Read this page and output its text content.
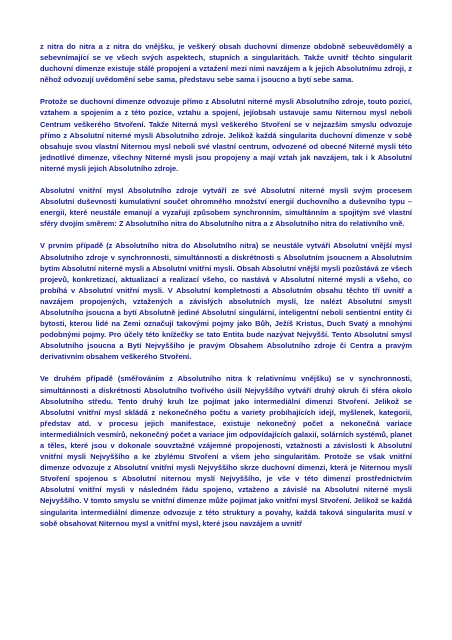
z nitra do nitra a z nitra do vnějšku, je veškerý obsah duchovní dimenze obdobně sebeuvědomělý a sebevnímající se ve všech svých aspektech, stupních a singularitách. Takže uvnitř těchto singularit duchovní dimenze existuje stálé propojení a vztažení mezi nimi navzájem a k jejich Absolutnímu zdroji, z něhož odvozují uvědomění sebe sama, představu sebe sama i jsoucno a bytí sebe sama.

Protože se duchovní dimenze odvozuje přímo z Absolutní niterné mysli Absolutního zdroje, touto pozicí, vztahem a spojením a z této pozice, vztahu a spojení, jejíobsah ustavuje samu Niternou mysl neboli Centrum veškerého Stvoření. Takže Niterná mysl veškerého Stvoření se v nejzazším smyslu odvozuje přímo z Absolutní niterné mysli Absolutního zdroje. Jelikož každá singularita duchovní dimenze v sobě obsahuje svou vlastní Niternou mysl neboli své vlastní centrum, odvozené od obecné Niterné mysli této jednotlivé dimenze, všechny Niterné mysli jsou propojeny a mají vztah jak navzájem, tak i k Absolutní niterné mysli jejich Absolutního zdroje.

Absolutní vnitřní mysl Absolutního zdroje vytváří ze své Absolutní niterné mysli svým procesem Absolutní duševnosti kumulativní součet ohromného množství energií duchovního a duševního typu – energií, které neustále emanují a vyzařují způsobem synchronním, simultánním a spojitým své vlastní sféry dvojím směrem: Z Absolutního nitra do Absolutního nitra a z Absolutního nitra do relativního vně.

V prvním případě (z Absolutního nitra do Absolutního nitra) se neustále vytváří Absolutní vnější mysl Absolutního zdroje v synchronnosti, simultánnosti a diskrétnosti s Absolutním jsoucnem a Absolutním bytím Absolutní niterné mysli a Absolutní vnitřní mysli. Obsah Absolutní vnější mysli pozůstává ze všech projevů, konkretizací, aktualizací a realizací všeho, co nastává v Absolutní niterné mysli a všeho, co probíhá v Absolutní vnitřní mysli. V Absolutní kompletnosti a Absolutním obsahu těchto tří uvnitř a navzájem propojených, vztažených a závislých absolutních myslí, lze nalézt Absolutní smysl! Absolutního jsoucna a bytí Absolutně jediné Absolutní singulární, inteligentní neboli sentientní entity či bytosti, kterou lidé na Zemi označují takovými pojmy jako Bůh, Ježíš Kristus, Duch Svatý a mnohými podobnými pojmy. Pro účely této knížečky se tato Entita bude nazývat Nejvyšší. Tento Absolutní smysl Absolutního jsoucna a Bytí Nejvyššího je pravým Obsahem Absolutního zdroje či Centra a pravým derivativním obsahem veškerého Stvoření.

Ve druhém případě (směřováním z Absolutního nitra k relativnímu vnějšku) se v synchronnosti, simultánnosti a diskrétnosti Absolutního tvořivého úsilí Nejvyššího vytváří druhý okruh či sféra okolo Absolutního středu. Tento druhý kruh lze pojímat jako intermediální dimenzi Stvoření. Jelikož se Absolutní vnitřní mysl skládá z nekonečného počtu a variety probíhajících idejí, myšlenek, kategorií, představ atd. v procesu jejich manifestace, existuje nekonečný počet a nekonečná variace intermediálních vesmírů, nekonečný počet a variace jim odpovídajících galaxií, solárních systémů, planet a těles, které jsou v dokonale souvztažné vzájemné propojenosti, vztažnosti a závislosti k Absolutní vnitřní mysli Nejvyššího a ke zbylému Stvoření a všem jeho singularitám. Protože se však vnitřní dimenze odvozuje z Absolutní vnitřní mysli Nejvyššího skrze duchovní dimenzi, která je Niternou myslí Stvoření spojenou s Absolutní niternou myslí Nejvyššího, je vše v této dimenzi prostřednictvím Absolutní vnitřní mysli v následném řádu spojeno, vztaženo a závislé na Absolutní niterné mysli Nejvyššího. V tomto smyslu se vnitřní dimenze může pojímat jako vnitřní mysl Stvoření. Jelikož se každá singularita intermediální dimenze odvozuje z této struktury a povahy, každá taková singularita musí v sobě obsahovat Niternou mysl a vnitřní mysl, které jsou navzájem a uvnitř
